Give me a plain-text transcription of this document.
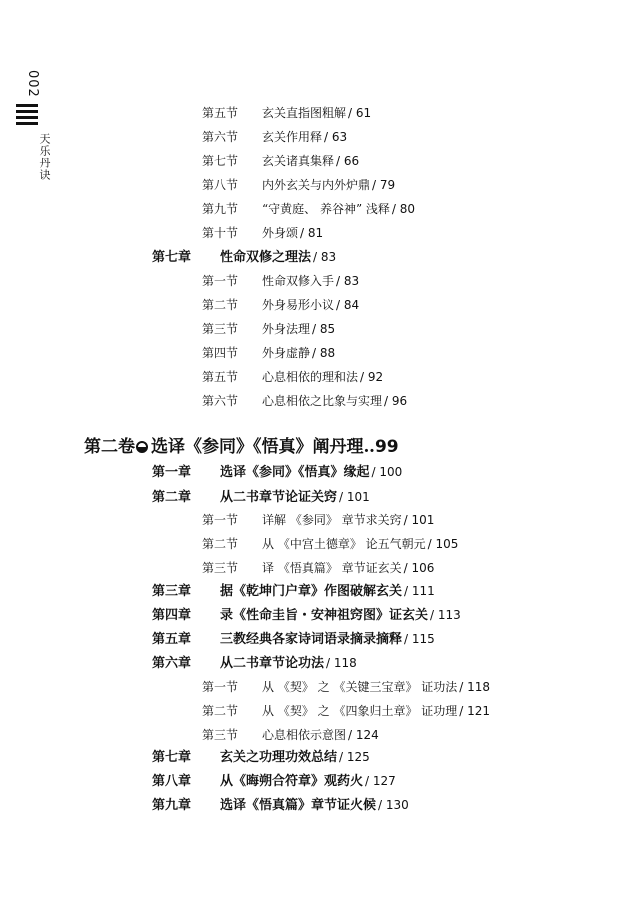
002
天乐丹诀
第五节 玄关直指图粗解 / 61
第六节 玄关作用释 / 63
第七节 玄关诸真集释 / 66
第八节 内外玄关与内外炉鼎 / 79
第九节 “守黄庭、 养谷神” 浅释 / 80
第十节 外身颂 / 81
第七章 性命双修之理法 / 83
第一节 性命双修入手 / 83
第二节 外身易形小议 / 84
第三节 外身法理 / 85
第四节 外身虚静 / 88
第五节 心息相依的理和法 / 92
第六节 心息相依之比象与实理 / 96
第二卷 选译《参同》《悟真》阐丹理‥99
第一章 选译《参同》《悟真》缘起 / 100
第二章 从二书章节论证关窍 / 101
第一节 详解 《参同》 章节求关窍 / 101
第二节 从 《中宫土德章》 论五气朝元 / 105
第三节 译 《悟真篇》 章节证玄关 / 106
第三章 据《乾坤门户章》作图破解玄关 / 111
第四章 录《性命圭旨・安神祖窍图》证玄关 / 113
第五章 三教经典各家诗词语录摘录摘释 / 115
第六章 从二书章节论功法 / 118
第一节 从 《契》 之 《关键三宝章》 证功法 / 118
第二节 从 《契》 之 《四象归土章》 证功理 / 121
第三节 心息相依示意图 / 124
第七章 玄关之功理功效总结 / 125
第八章 从《晦朔合符章》观药火 / 127
第九章 选译《悟真篇》章节证火候 / 130
